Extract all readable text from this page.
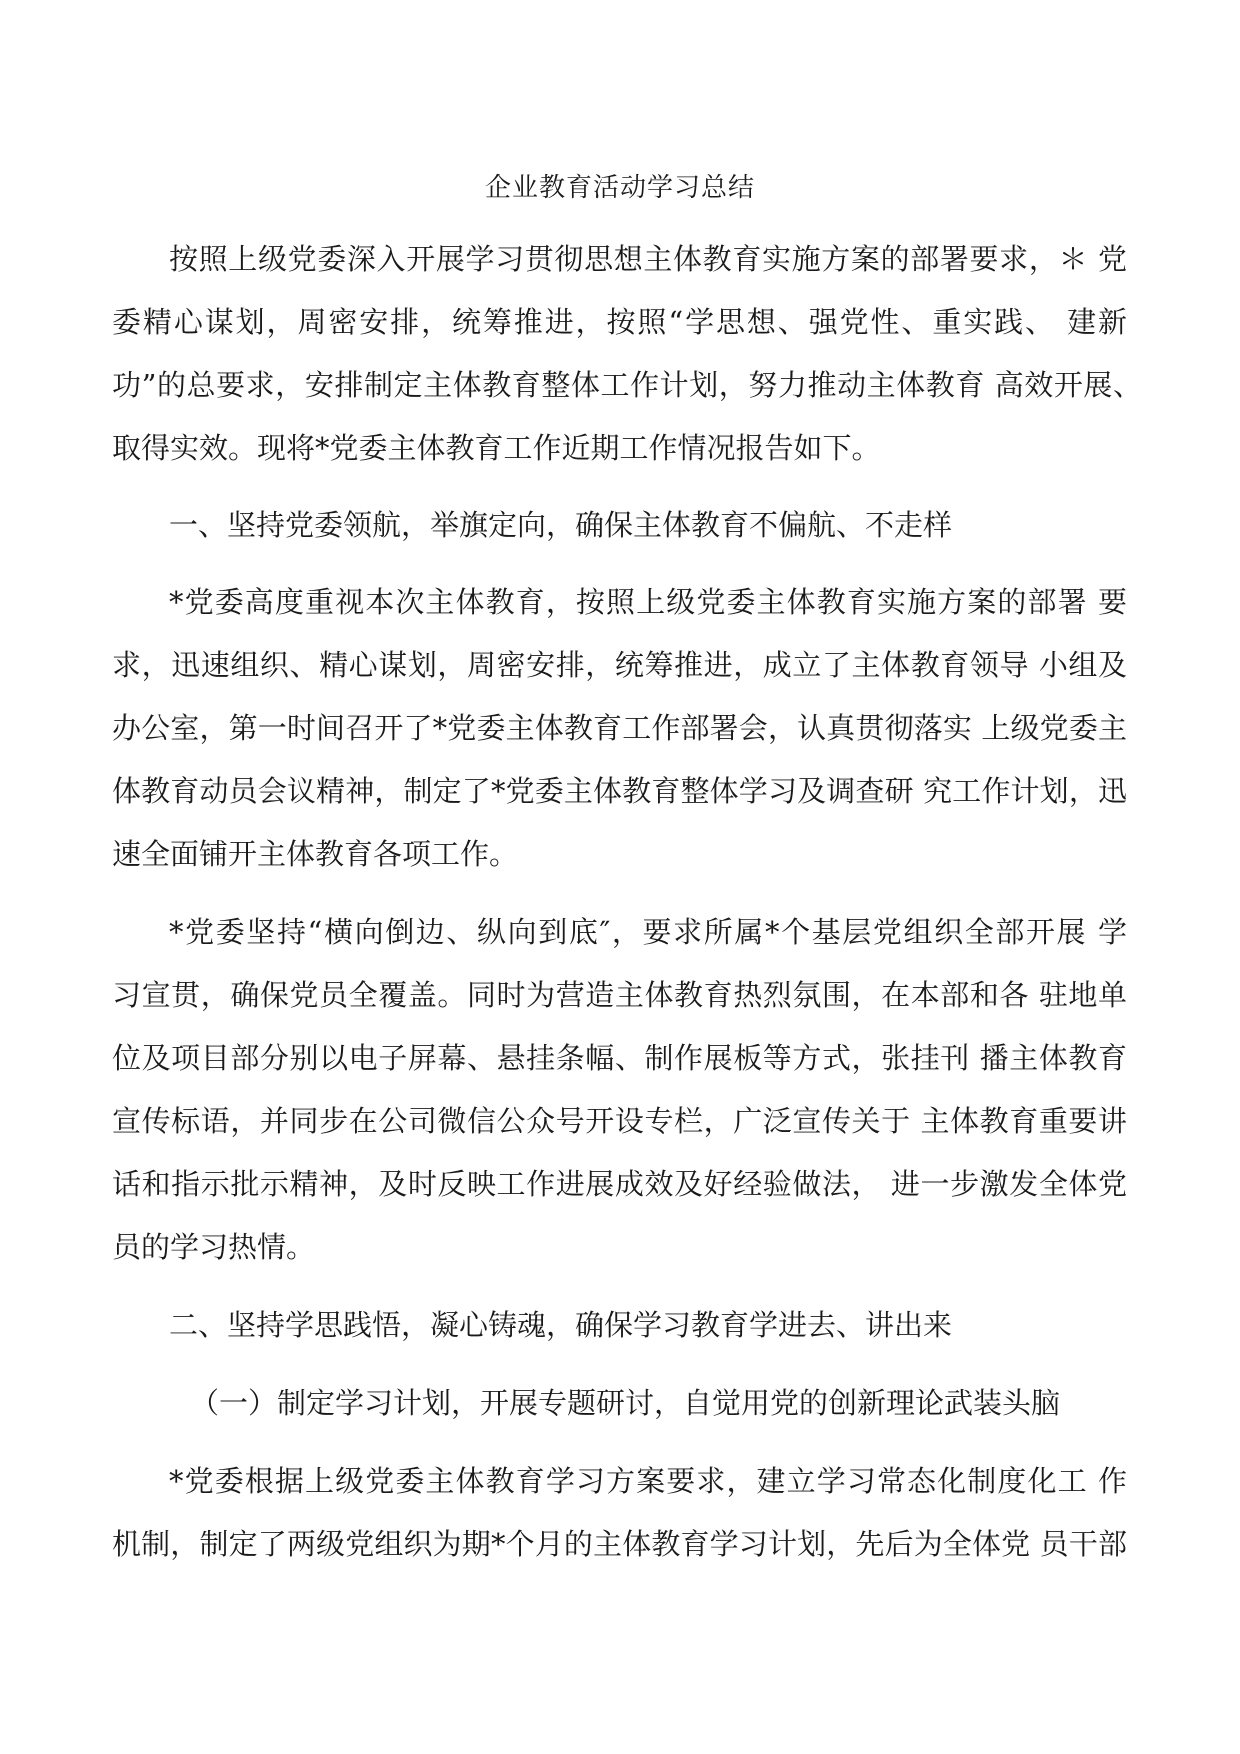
企业教育活动学习总结
按照上级党委深入开展学习贯彻思想主体教育实施方案的部署要求，＊ 党
委精心谋划，周密安排，统筹推进，按照“学思想、强党性、重实践、 建新
功”的总要求，安排制定主体教育整体工作计划，努力推动主体教育 高效开展、
取得实效。现将*党委主体教育工作近期工作情况报告如下。
一、坚持党委领航，举旗定向，确保主体教育不偏航、不走样
*党委高度重视本次主体教育，按照上级党委主体教育实施方案的部署 要
求，迅速组织、精心谋划，周密安排，统筹推进，成立了主体教育领导 小组及
办公室，第一时间召开了*党委主体教育工作部署会，认真贯彻落实 上级党委主
体教育动员会议精神，制定了*党委主体教育整体学习及调查研 究工作计划，迅
速全面铺开主体教育各项工作。
*党委坚持“横向倒边、纵向到底″，要求所属*个基层党组织全部开展 学
习宣贯，确保党员全覆盖。同时为营造主体教育热烈氛围，在本部和各 驻地单
位及项目部分别以电子屏幕、悬挂条幅、制作展板等方式，张挂刊 播主体教育
宣传标语，并同步在公司微信公众号开设专栏，广泛宣传关于 主体教育重要讲
话和指示批示精神，及时反映工作进展成效及好经验做法， 进一步激发全体党
员的学习热情。
二、坚持学思践悟，凝心铸魂，确保学习教育学进去、讲出来
（一）制定学习计划，开展专题研讨，自觉用党的创新理论武装头脑
*党委根据上级党委主体教育学习方案要求，建立学习常态化制度化工 作
机制，制定了两级党组织为期*个月的主体教育学习计划，先后为全体党 员干部
